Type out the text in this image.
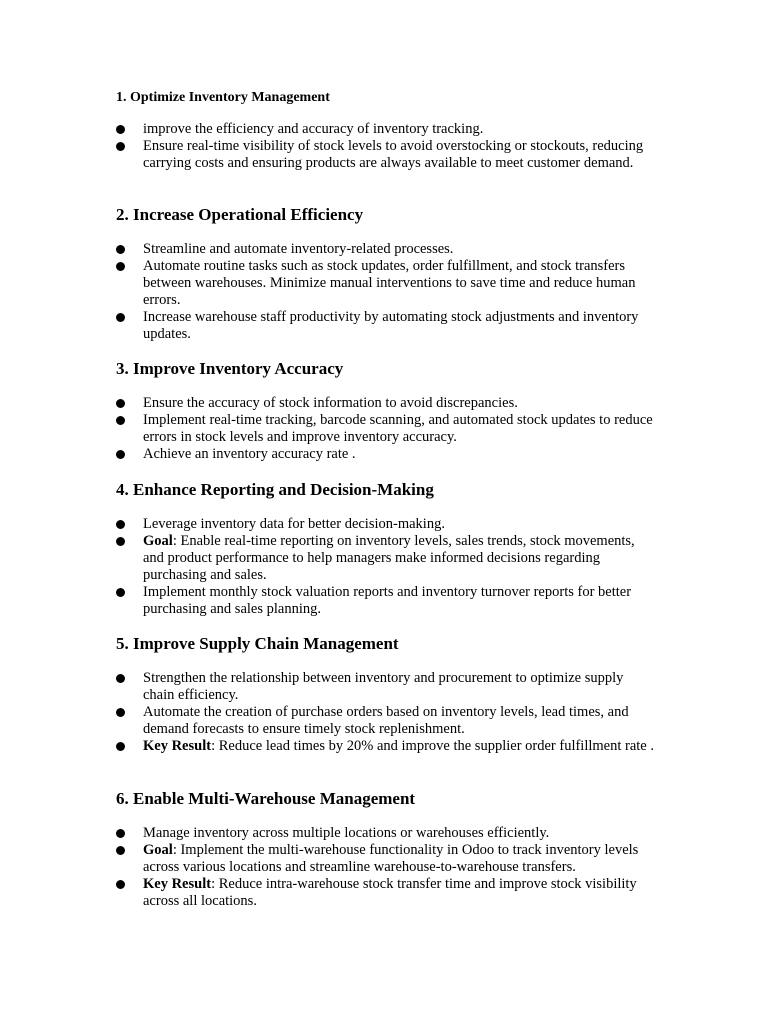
1. Optimize Inventory Management
improve the efficiency and accuracy of inventory tracking.
Ensure real-time visibility of stock levels to avoid overstocking or stockouts, reducing carrying costs and ensuring products are always available to meet customer demand.
2. Increase Operational Efficiency
Streamline and automate inventory-related processes.
Automate routine tasks such as stock updates, order fulfillment, and stock transfers between warehouses. Minimize manual interventions to save time and reduce human errors.
Increase warehouse staff productivity by automating stock adjustments and inventory updates.
3. Improve Inventory Accuracy
Ensure the accuracy of stock information to avoid discrepancies.
Implement real-time tracking, barcode scanning, and automated stock updates to reduce errors in stock levels and improve inventory accuracy.
Achieve an inventory accuracy rate .
4. Enhance Reporting and Decision-Making
Leverage inventory data for better decision-making.
Goal: Enable real-time reporting on inventory levels, sales trends, stock movements, and product performance to help managers make informed decisions regarding purchasing and sales.
Implement monthly stock valuation reports and inventory turnover reports for better purchasing and sales planning.
5. Improve Supply Chain Management
Strengthen the relationship between inventory and procurement to optimize supply chain efficiency.
Automate the creation of purchase orders based on inventory levels, lead times, and demand forecasts to ensure timely stock replenishment.
Key Result: Reduce lead times by 20% and improve the supplier order fulfillment rate .
6. Enable Multi-Warehouse Management
Manage inventory across multiple locations or warehouses efficiently.
Goal: Implement the multi-warehouse functionality in Odoo to track inventory levels across various locations and streamline warehouse-to-warehouse transfers.
Key Result: Reduce intra-warehouse stock transfer time and improve stock visibility across all locations.
